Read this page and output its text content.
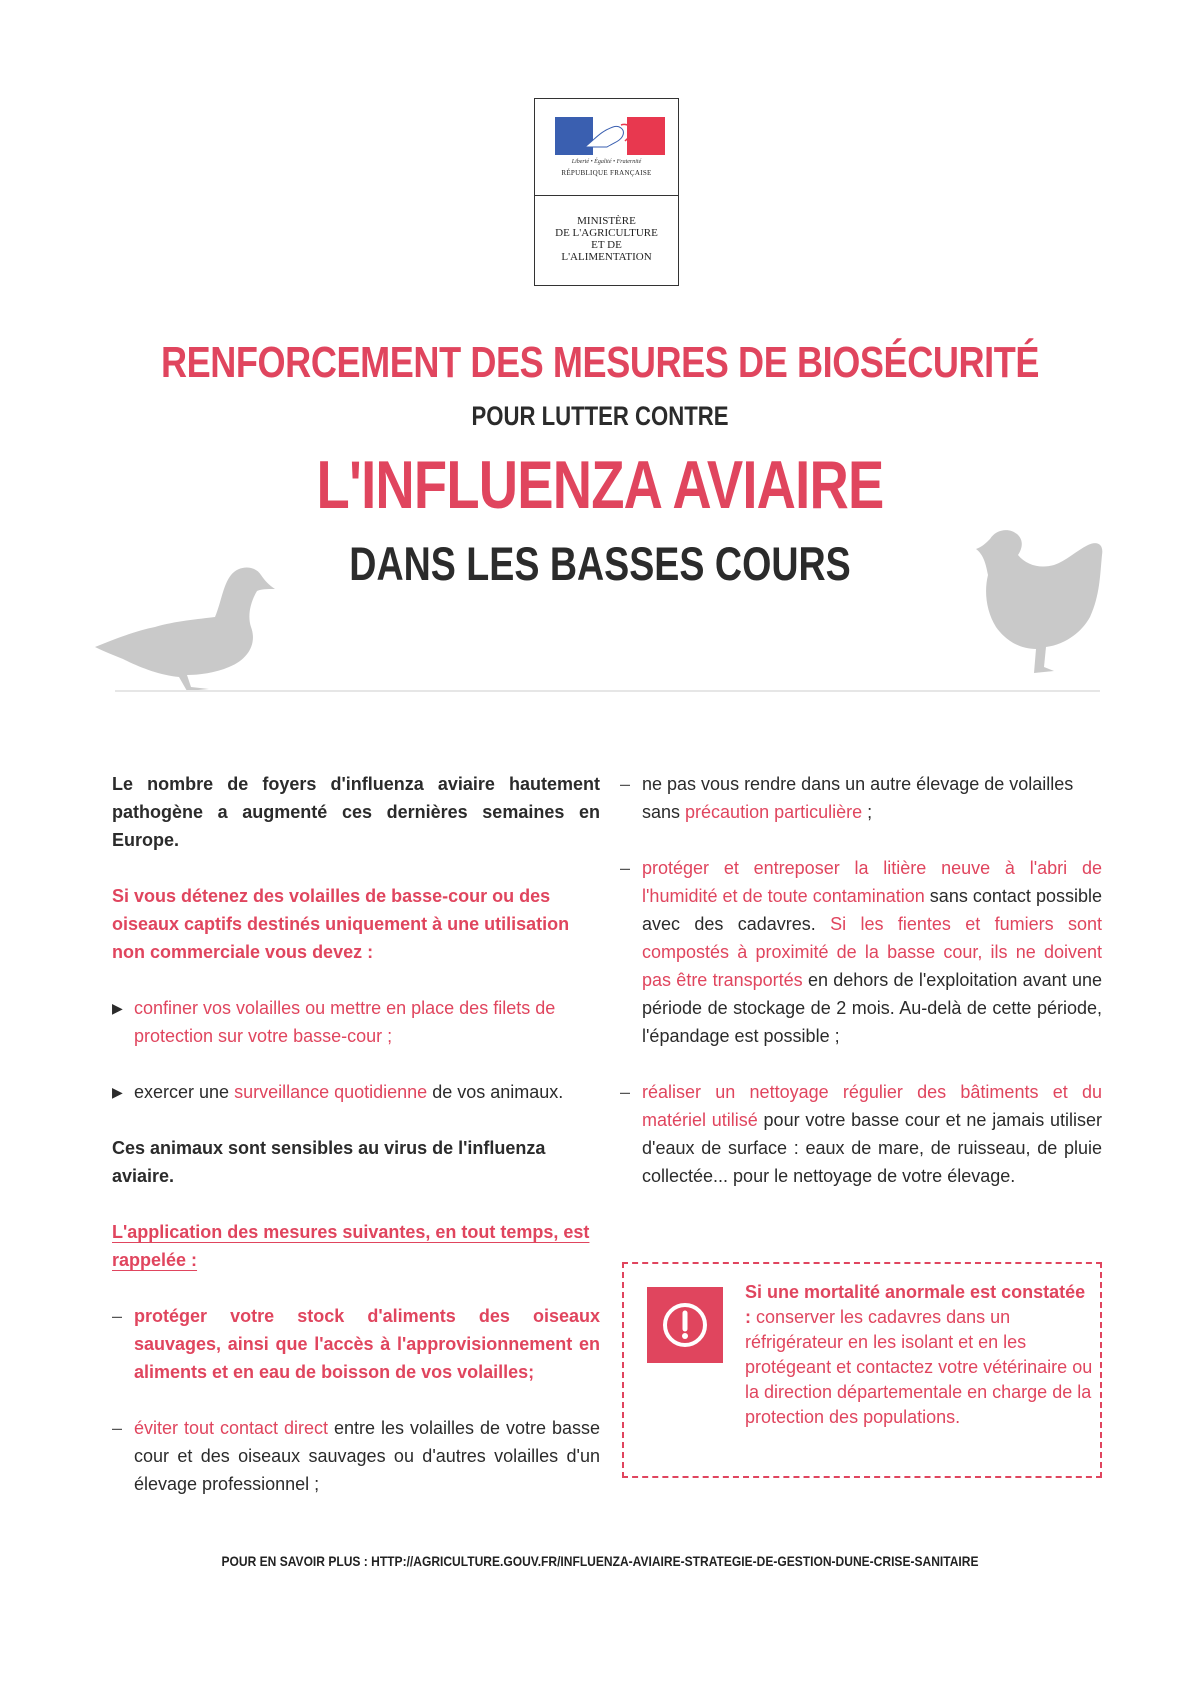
Liberté • Égalité • Fraternité
RÉPUBLIQUE FRANÇAISE
MINISTÈRE
DE L'AGRICULTURE
ET DE
L'ALIMENTATION
RENFORCEMENT DES MESURES DE BIOSÉCURITÉ
POUR LUTTER CONTRE
L'INFLUENZA AVIAIRE
DANS LES BASSES COURS

Le nombre de foyers d'influenza aviaire hautement pathogène a augmenté ces dernières semaines en Europe.

Si vous détenez des volailles de basse-cour ou des oiseaux captifs destinés uniquement à une utilisation non commerciale vous devez :

▶ confiner vos volailles ou mettre en place des filets de protection sur votre basse-cour ;
▶ exercer une surveillance quotidienne de vos animaux.

Ces animaux sont sensibles au virus de l'influenza aviaire.

L'application des mesures suivantes, en tout temps, est rappelée :

– protéger votre stock d'aliments des oiseaux sauvages, ainsi que l'accès à l'approvisionnement en aliments et en eau de boisson de vos volailles;
– éviter tout contact direct entre les volailles de votre basse cour et des oiseaux sauvages ou d'autres volailles d'un élevage professionnel ;
– ne pas vous rendre dans un autre élevage de volailles sans précaution particulière ;
– protéger et entreposer la litière neuve à l'abri de l'humidité et de toute contamination sans contact possible avec des cadavres. Si les fientes et fumiers sont compostés à proximité de la basse cour, ils ne doivent pas être transportés en dehors de l'exploitation avant une période de stockage de 2 mois. Au-delà de cette période, l'épandage est possible ;
– réaliser un nettoyage régulier des bâtiments et du matériel utilisé pour votre basse cour et ne jamais utiliser d'eaux de surface : eaux de mare, de ruisseau, de pluie collectée... pour le nettoyage de votre élevage.
Si une mortalité anormale est constatée : conserver les cadavres dans un réfrigérateur en les isolant et en les protégeant et contactez votre vétérinaire ou la direction départementale en charge de la protection des populations.
POUR EN SAVOIR PLUS : HTTP://AGRICULTURE.GOUV.FR/INFLUENZA-AVIAIRE-STRATEGIE-DE-GESTION-DUNE-CRISE-SANITAIRE
